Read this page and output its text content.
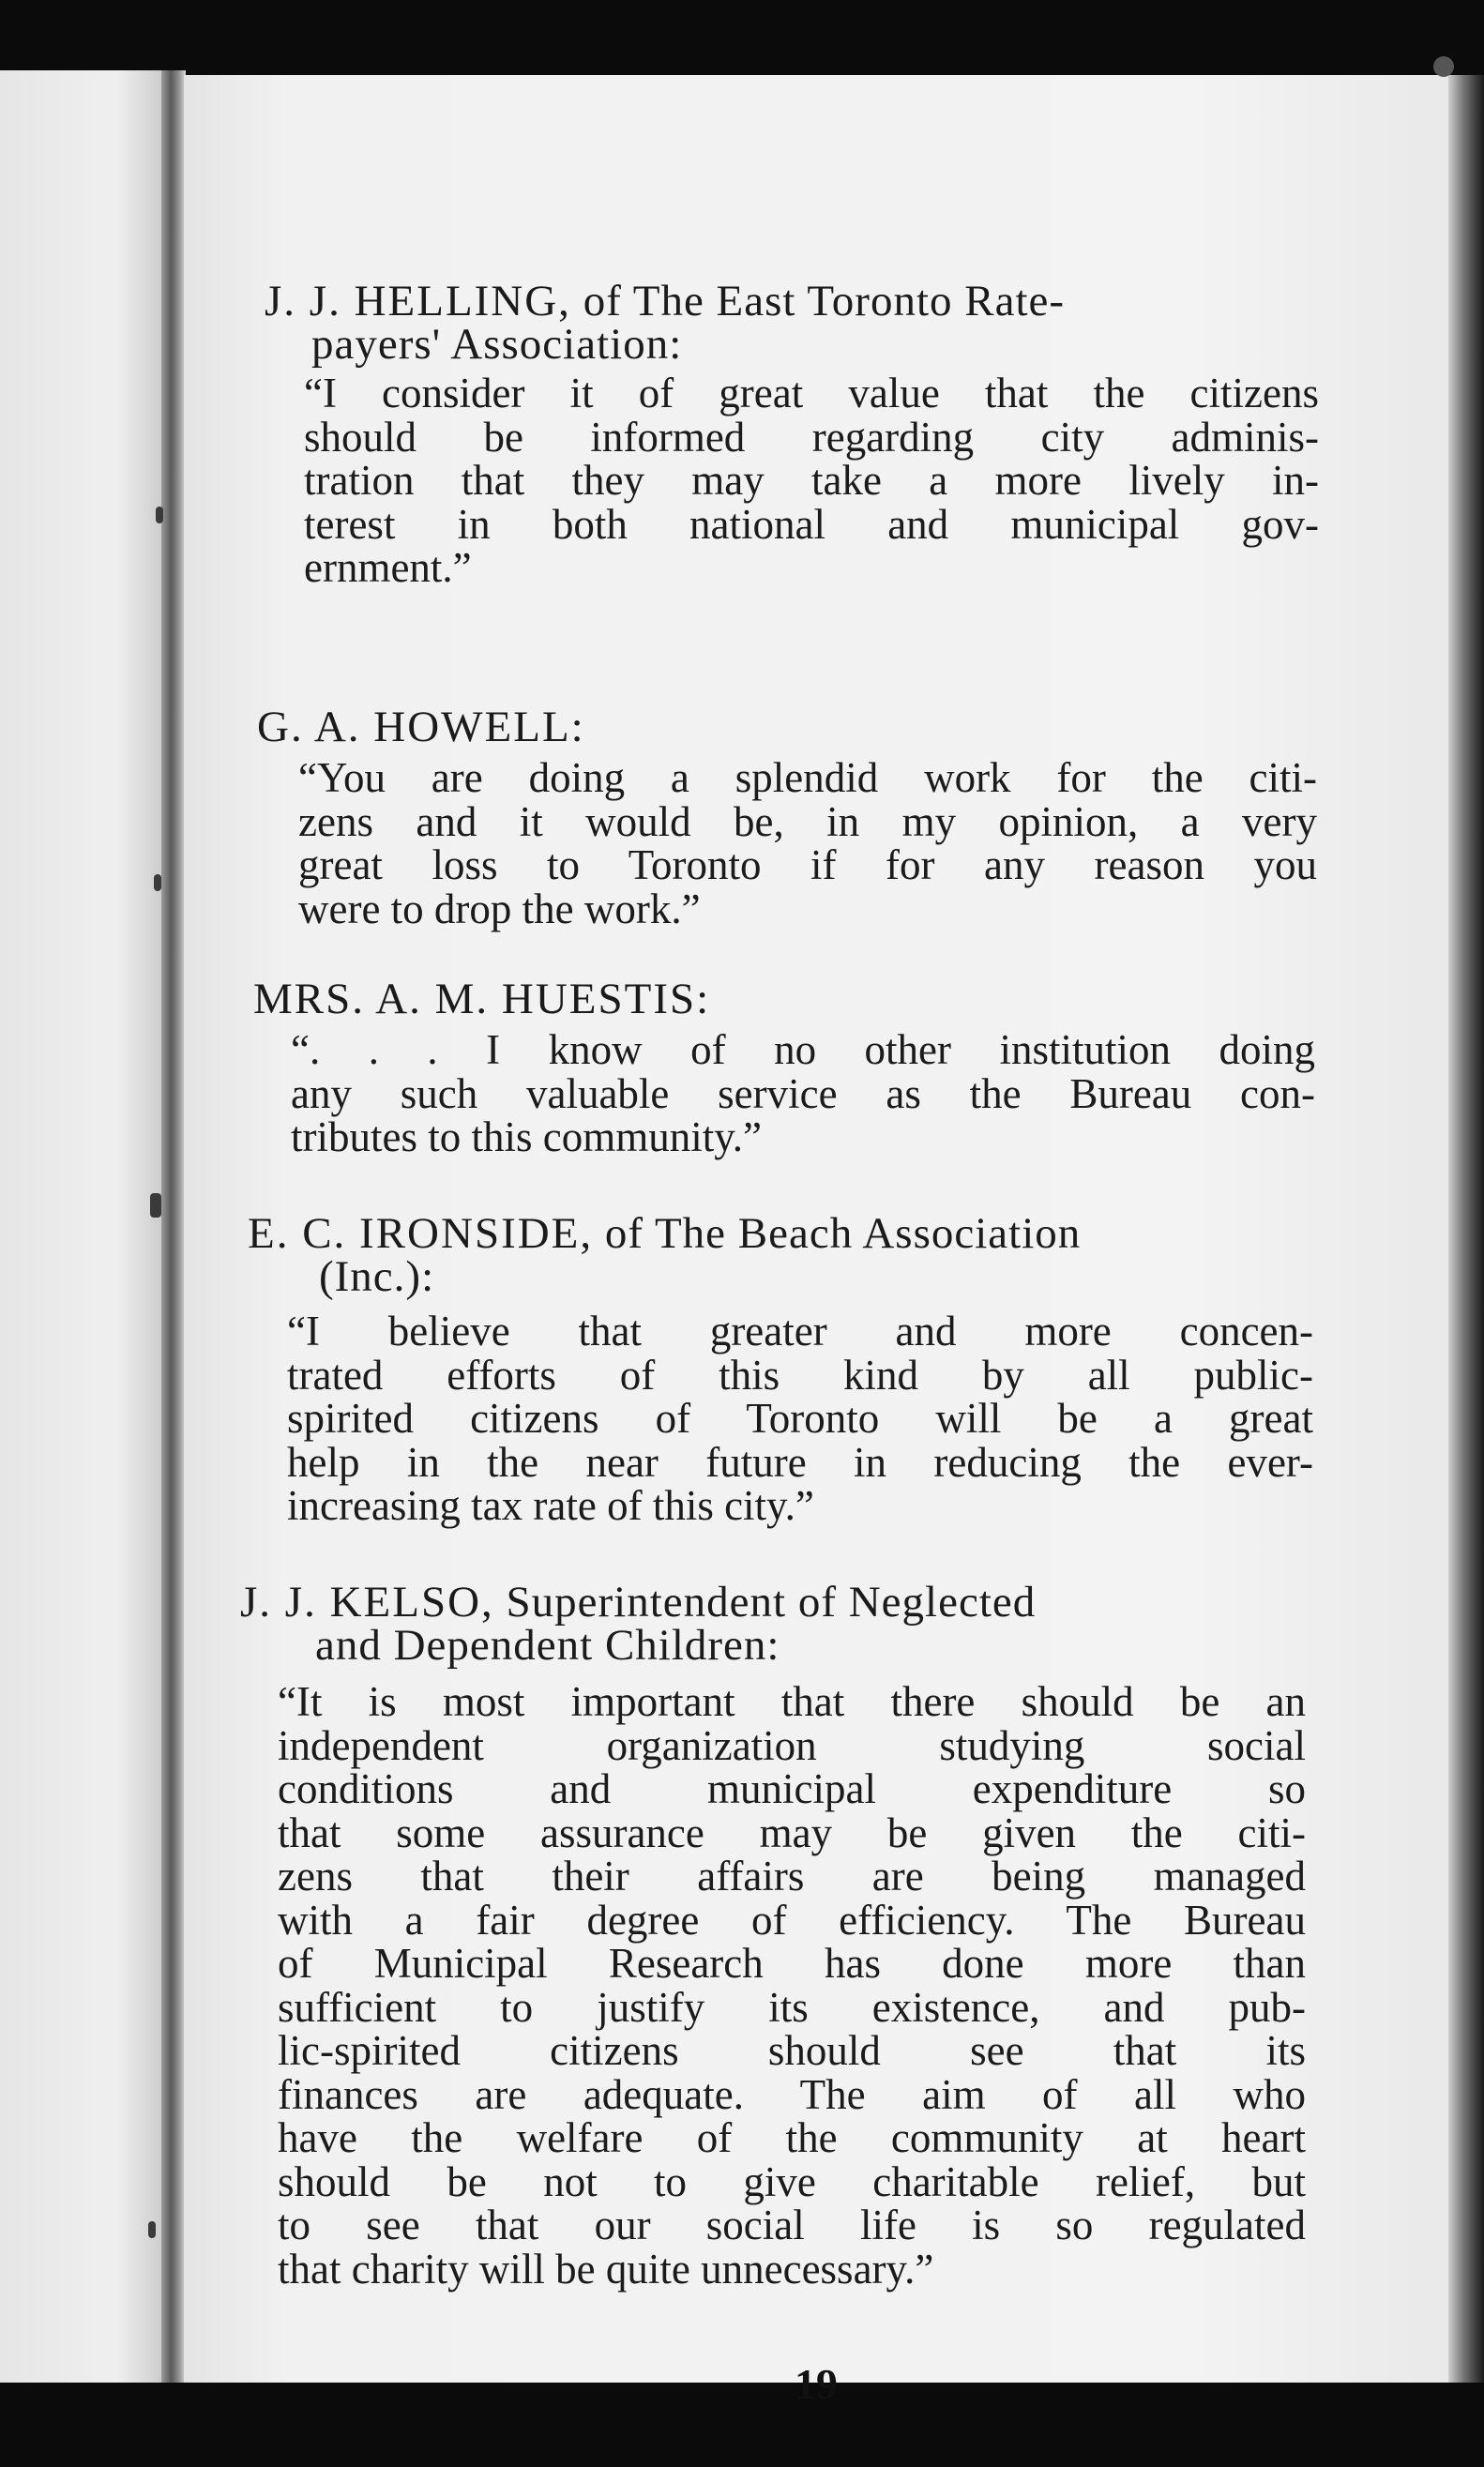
J. J. HELLING, of The East Toronto Rate-
payers' Association:

“I consider it of great value that the citizens
should be informed regarding city adminis-
tration that they may take a more lively in-
terest in both national and municipal gov-
ernment.”

G. A. HOWELL:

“You are doing a splendid work for the citi-
zens and it would be, in my opinion, a very
great loss to Toronto if for any reason you
were to drop the work.”

MRS. A. M. HUESTIS:

“. . . I know of no other institution doing
any such valuable service as the Bureau con-
tributes to this community.”

E. C. IRONSIDE, of The Beach Association
(Inc.):

“I believe that greater and more concen-
trated efforts of this kind by all public-
spirited citizens of Toronto will be a great
help in the near future in reducing the ever-
increasing tax rate of this city.”

J. J. KELSO, Superintendent of Neglected
and Dependent Children:

“It is most important that there should be an
independent organization studying social
conditions and municipal expenditure so
that some assurance may be given the citi-
zens that their affairs are being managed
with a fair degree of efficiency. The Bureau
of Municipal Research has done more than
sufficient to justify its existence, and pub-
lic-spirited citizens should see that its
finances are adequate. The aim of all who
have the welfare of the community at heart
should be not to give charitable relief, but
to see that our social life is so regulated
that charity will be quite unnecessary.”
19
